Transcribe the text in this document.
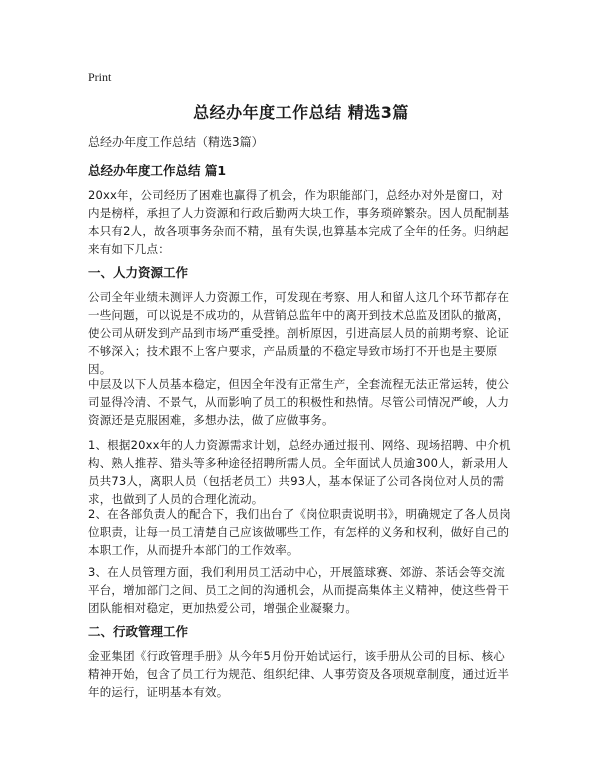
Print
总经办年度工作总结 精选3篇
总经办年度工作总结（精选3篇）
总经办年度工作总结 篇1
20xx年，公司经历了困难也赢得了机会，作为职能部门，总经办对外是窗口，对内是榜样，承担了人力资源和行政后勤两大块工作，事务琐碎繁杂。因人员配制基本只有2人，故各项事务杂而不精，虽有失误,也算基本完成了全年的任务。归纳起来有如下几点：
一、人力资源工作
公司全年业绩未测评人力资源工作，可发现在考察、用人和留人这几个环节都存在一些问题，可以说是不成功的，从营销总监年中的离开到技术总监及团队的撤离，使公司从研发到产品到市场严重受挫。剖析原因，引进高层人员的前期考察、论证不够深入；技术跟不上客户要求，产品质量的不稳定导致市场打不开也是主要原因。
中层及以下人员基本稳定，但因全年没有正常生产，全套流程无法正常运转，使公司显得冷清、不景气，从而影响了员工的积极性和热情。尽管公司情况严峻，人力资源还是克服困难，多想办法，做了应做事务。
1、根据20xx年的人力资源需求计划，总经办通过报刊、网络、现场招聘、中介机构、熟人推荐、猎头等多种途径招聘所需人员。全年面试人员逾300人，新录用人员共73人，离职人员（包括老员工）共93人，基本保证了公司各岗位对人员的需求，也做到了人员的合理化流动。
2、在各部负责人的配合下，我们出台了《岗位职责说明书》，明确规定了各人员岗位职责，让每一员工清楚自己应该做哪些工作，有怎样的义务和权利，做好自己的本职工作，从而提升本部门的工作效率。
3、在人员管理方面，我们利用员工活动中心，开展篮球赛、郊游、茶话会等交流平台，增加部门之间、员工之间的沟通机会，从而提高集体主义精神，使这些骨干团队能相对稳定，更加热爱公司，增强企业凝聚力。
二、行政管理工作
金亚集团《行政管理手册》从今年5月份开始试运行，该手册从公司的目标、核心精神开始，包含了员工行为规范、组织纪律、人事劳资及各项规章制度，通过近半年的运行，证明基本有效。
